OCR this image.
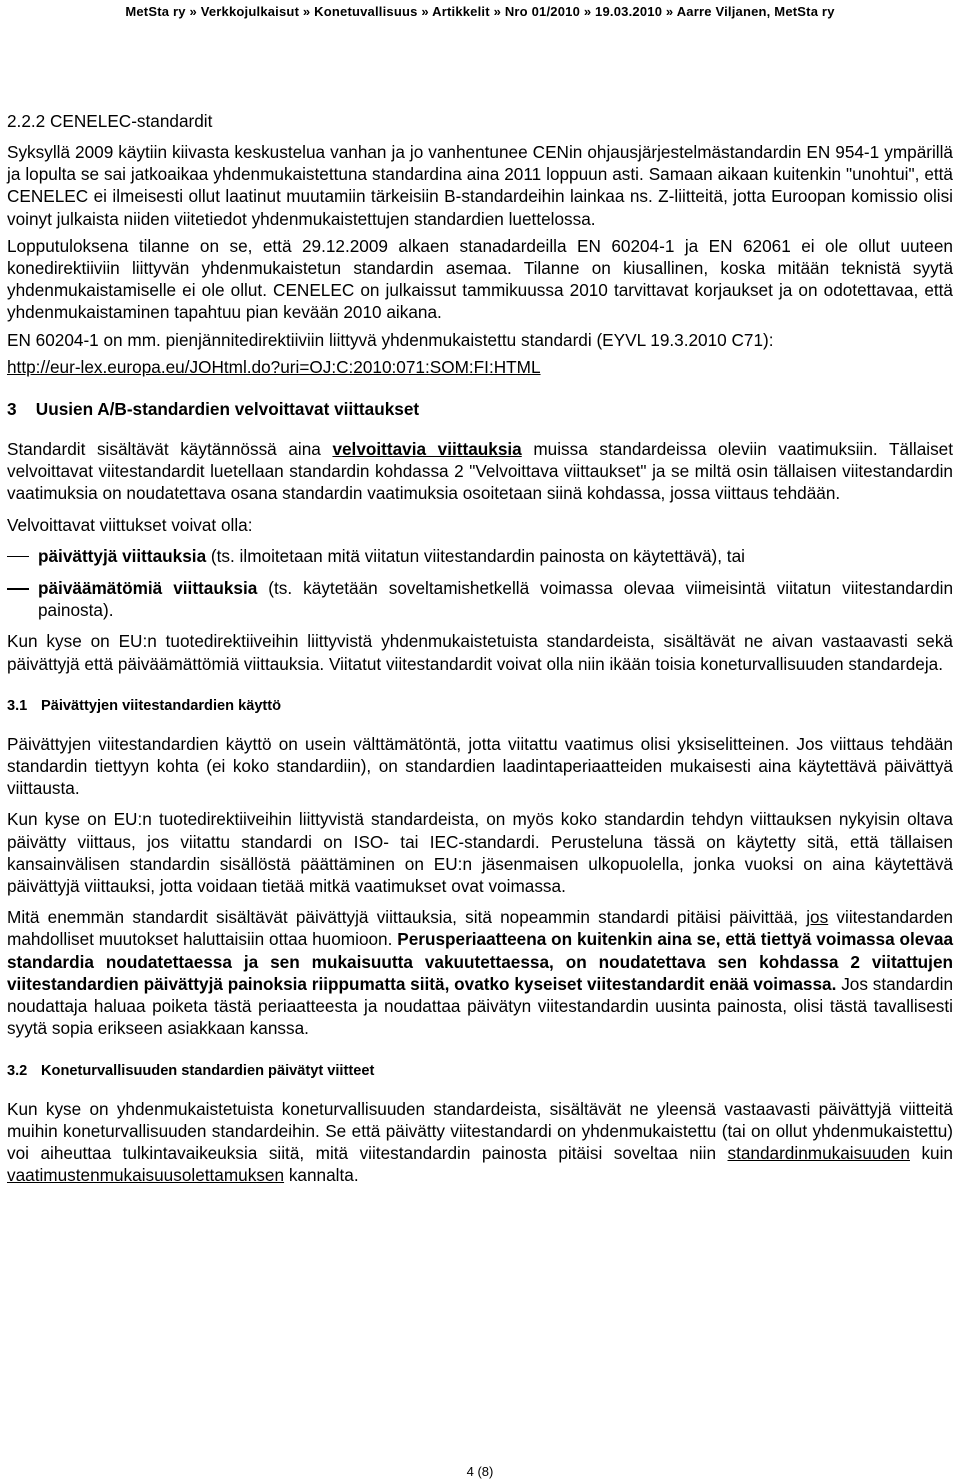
MetSta ry » Verkkojulkaisut » Konetuvallisuus » Artikkelit » Nro 01/2010 » 19.03.2010 » Aarre Viljanen, MetSta ry
2.2.2 CENELEC-standardit

Syksyllä 2009 käytiin kiivasta keskustelua vanhan ja jo vanhentunee CENin ohjausjärjestelmästandardin EN 954-1 ympärillä ja lopulta se sai jatkoaikaa yhdenmukaistettuna standardina aina 2011 loppuun asti. Samaan aikaan kuitenkin "unohtui", että CENELEC ei ilmeisesti ollut laatinut muutamiin tärkeisiin B-standardeihin lainkaa ns. Z-liitteitä, jotta Euroopan komissio olisi voinyt julkaista niiden viitetiedot yhdenmukaistettujen standardien luettelossa.

Lopputuloksena tilanne on se, että 29.12.2009 alkaen stanadardeilla EN 60204-1 ja EN 62061 ei ole ollut uuteen konedirektiiviin liittyvän yhdenmukaistetun standardin asemaa. Tilanne on kiusallinen, koska mitään teknistä syytä yhdenmukaistamiselle ei ole ollut. CENELEC on julkaissut tammikuussa 2010 tarvittavat korjaukset ja on odotettavaa, että yhdenmukaistaminen tapahtuu pian kevään 2010 aikana.

EN 60204-1 on mm. pienjännitedirektiiviin liittyvä yhdenmukaistettu standardi (EYVL 19.3.2010 C71):

http://eur-lex.europa.eu/JOHtml.do?uri=OJ:C:2010:071:SOM:FI:HTML

3 Uusien A/B-standardien velvoittavat viittaukset

Standardit sisältävät käytännössä aina velvoittavia viittauksia muissa standardeissa oleviin vaatimuksiin. Tällaiset velvoittavat viitestandardit luetellaan standardin kohdassa 2 "Velvoittava viittaukset" ja se miltä osin tällaisen viitestandardin vaatimuksia on noudatettava osana standardin vaatimuksia osoitetaan siinä kohdassa, jossa viittaus tehdään.

Velvoittavat viittukset voivat olla:

päivättyjä viittauksia (ts. ilmoitetaan mitä viitatun viitestandardin painosta on käytettävä), tai

päiväämätömiä viittauksia (ts. käytetään soveltamishetkellä voimassa olevaa viimeisintä viitatun viitestandardin painosta).

Kun kyse on EU:n tuotedirektiiveihin liittyvistä yhdenmukaistetuista standardeista, sisältävät ne aivan vastaavasti sekä päivättyjä että päiväämättömiä viittauksia. Viitatut viitestandardit voivat olla niin ikään toisia koneturvallisuuden standardeja.

3.1 Päivättyjen viitestandardien käyttö

Päivättyjen viitestandardien käyttö on usein välttämätöntä, jotta viitattu vaatimus olisi yksiselitteinen. Jos viittaus tehdään standardin tiettyyn kohta (ei koko standardiin), on standardien laadintaperiaatteiden mukaisesti aina käytettävä päivättyä viittausta.

Kun kyse on EU:n tuotedirektiiveihin liittyvistä standardeista, on myös koko standardin tehdyn viittauksen nykyisin oltava päivätty viittaus, jos viitattu standardi on ISO- tai IEC-standardi. Perusteluna tässä on käytetty sitä, että tällaisen kansainvälisen standardin sisällöstä päättäminen on EU:n jäsenmaisen ulkopuolella, jonka vuoksi on aina käytettävä päivättyjä viittauksi, jotta voidaan tietää mitkä vaatimukset ovat voimassa.

Mitä enemmän standardit sisältävät päivättyjä viittauksia, sitä nopeammin standardi pitäisi päivittää, jos viitestandarden mahdolliset muutokset haluttaisiin ottaa huomioon. Perusperiaatteena on kuitenkin aina se, että tiettyä voimassa olevaa standardia noudatettaessa ja sen mukaisuutta vakuutettaessa, on noudatettava sen kohdassa 2 viitattujen viitestandardien päivättyjä painoksia riippumatta siitä, ovatko kyseiset viitestandardit enää voimassa. Jos standardin noudattaja haluaa poiketa tästä periaatteesta ja noudattaa päivätyn viitestandardin uusinta painosta, olisi tästä tavallisesti syytä sopia erikseen asiakkaan kanssa.

3.2 Koneturvallisuuden standardien päivätyt viitteet

Kun kyse on yhdenmukaistetuista koneturvallisuuden standardeista, sisältävät ne yleensä vastaavasti päivättyjä viitteitä muihin koneturvallisuuden standardeihin. Se että päivätty viitestandardi on yhdenmukaistettu (tai on ollut yhdenmukaistettu) voi aiheuttaa tulkintavaikeuksia siitä, mitä viitestandardin painosta pitäisi soveltaa niin standardinmukaisuuden kuin vaatimustenmukaisuusolettamuksen kannalta.

4 (8)
